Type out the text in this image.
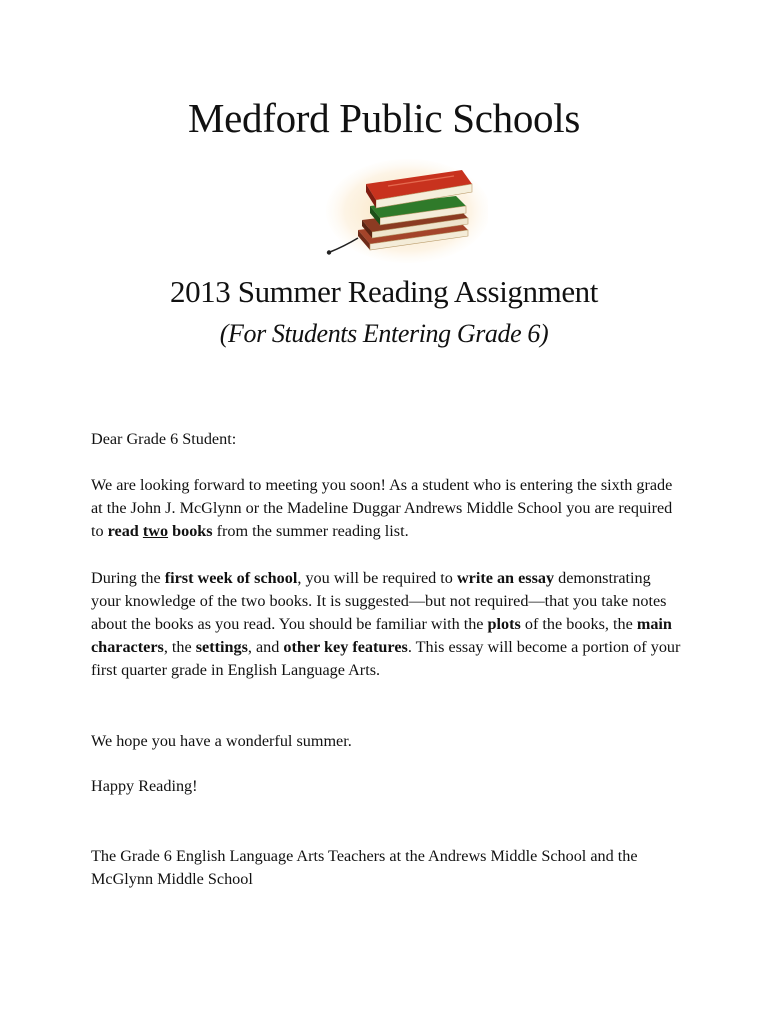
Medford Public Schools
2013 Summer Reading Assignment
(For Students Entering Grade 6)

Dear Grade 6 Student:

We are looking forward to meeting you soon! As a student who is entering the sixth grade at the John J. McGlynn or the Madeline Duggar Andrews Middle School you are required to read two books from the summer reading list.

During the first week of school, you will be required to write an essay demonstrating your knowledge of the two books. It is suggested—but not required—that you take notes about the books as you read. You should be familiar with the plots of the books, the main characters, the settings, and other key features. This essay will become a portion of your first quarter grade in English Language Arts.

We hope you have a wonderful summer.

Happy Reading!

The Grade 6 English Language Arts Teachers at the Andrews Middle School and the McGlynn Middle School
